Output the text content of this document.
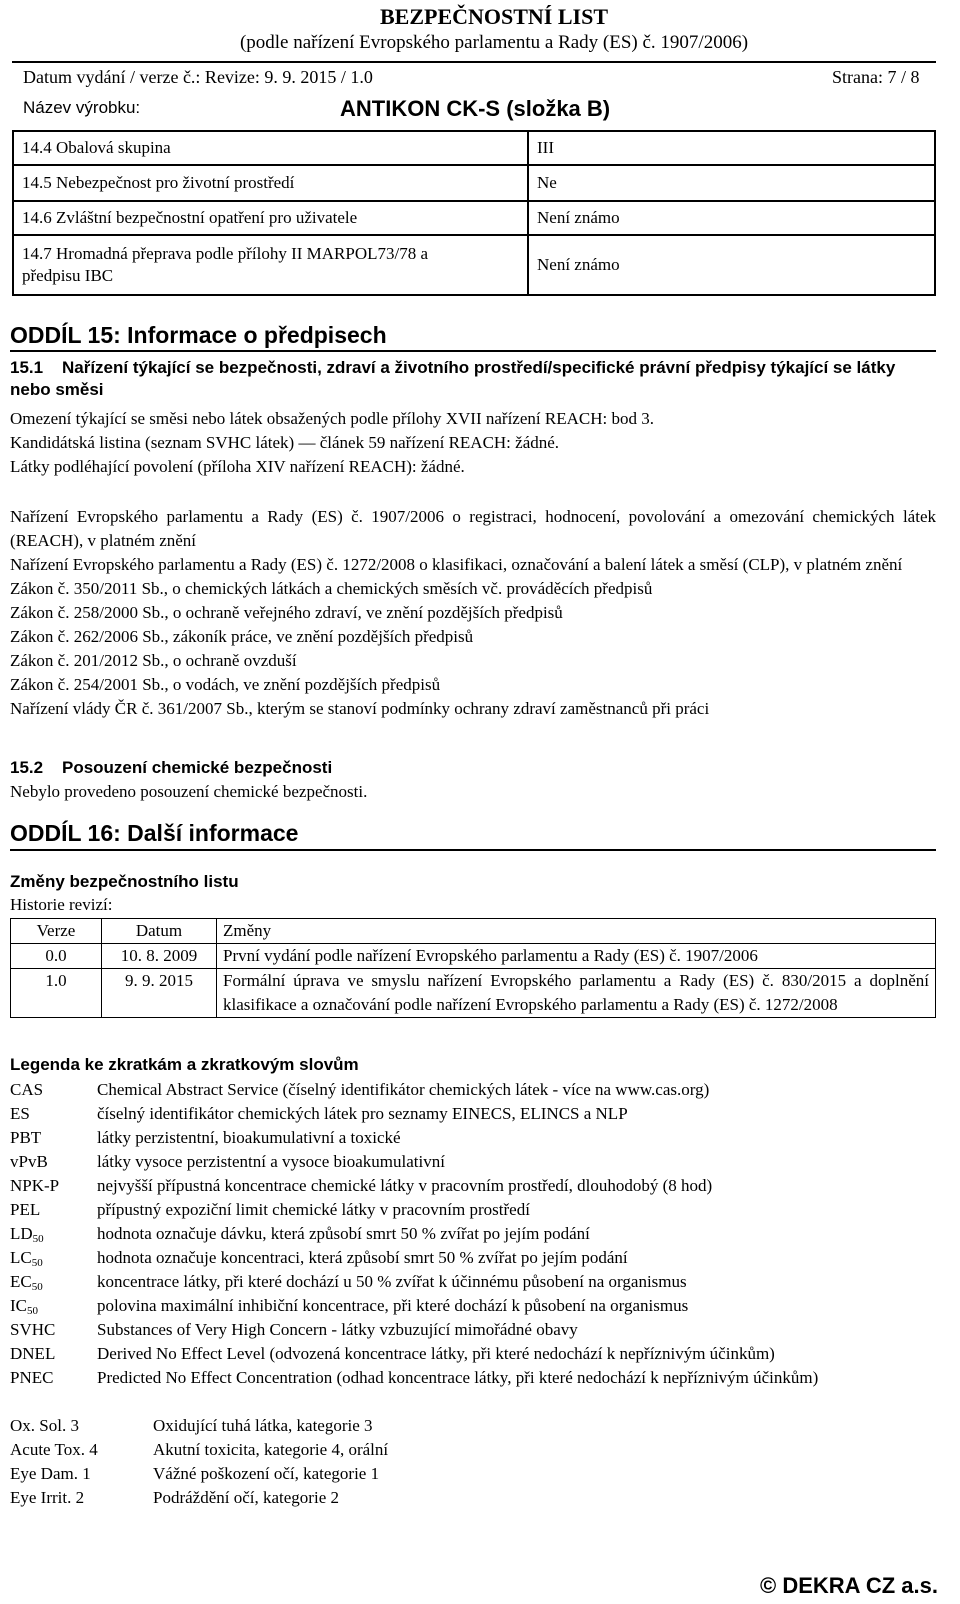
BEZPEČNOSTNÍ LIST
(podle nařízení Evropského parlamentu a Rady (ES) č. 1907/2006)
Datum vydání / verze č.: Revize: 9. 9. 2015 / 1.0	Strana: 7 / 8
Název výrobku:	ANTIKON CK-S (složka B)
14.4 Obalová skupina	III
14.5 Nebezpečnost pro životní prostředí	Ne
14.6 Zvláštní bezpečnostní opatření pro uživatele	Není známo
14.7 Hromadná přeprava podle přílohy II MARPOL73/78 a předpisu IBC	Není známo
ODDÍL 15: Informace o předpisech
15.1    Nařízení týkající se bezpečnosti, zdraví a životního prostředí/specifické právní předpisy týkající se látky nebo směsi
Omezení týkající se směsi nebo látek obsažených podle přílohy XVII nařízení REACH: bod 3.
Kandidátská listina (seznam SVHC látek) ― článek 59 nařízení REACH: žádné.
Látky podléhající povolení (příloha XIV nařízení REACH): žádné.
Nařízení Evropského parlamentu a Rady (ES) č. 1907/2006 o registraci, hodnocení, povolování a omezování chemických látek (REACH), v platném znění
Nařízení Evropského parlamentu a Rady (ES) č. 1272/2008 o klasifikaci, označování a balení látek a směsí (CLP), v platném znění
Zákon č. 350/2011 Sb., o chemických látkách a chemických směsích vč. prováděcích předpisů
Zákon č. 258/2000 Sb., o ochraně veřejného zdraví, ve znění pozdějších předpisů
Zákon č. 262/2006 Sb., zákoník práce, ve znění pozdějších předpisů
Zákon č. 201/2012 Sb., o ochraně ovzduší
Zákon č. 254/2001 Sb., o vodách, ve znění pozdějších předpisů
Nařízení vlády ČR č. 361/2007 Sb., kterým se stanoví podmínky ochrany zdraví zaměstnanců při práci
15.2    Posouzení chemické bezpečnosti
Nebylo provedeno posouzení chemické bezpečnosti.
ODDÍL 16: Další informace
Změny bezpečnostního listu
Historie revizí:
Verze	Datum	Změny
0.0	10. 8. 2009	První vydání podle nařízení Evropského parlamentu a Rady (ES) č. 1907/2006
1.0	9. 9. 2015	Formální úprava ve smyslu nařízení Evropského parlamentu a Rady (ES) č. 830/2015 a doplnění klasifikace a označování podle nařízení Evropského parlamentu a Rady (ES) č. 1272/2008
Legenda ke zkratkám a zkratkovým slovům
CAS	Chemical Abstract Service (číselný identifikátor chemických látek - více na www.cas.org)
ES	číselný identifikátor chemických látek pro seznamy EINECS, ELINCS a NLP
PBT	látky perzistentní, bioakumulativní a toxické
vPvB	látky vysoce perzistentní a vysoce bioakumulativní
NPK-P nejvyšší přípustná koncentrace chemické látky v pracovním prostředí, dlouhodobý (8 hod)
PEL	přípustný expoziční limit chemické látky v pracovním prostředí
$LD_{50}$	hodnota označuje dávku, která způsobí smrt 50 % zvířat po jejím podání
$LC_{50}$	hodnota označuje koncentraci, která způsobí smrt 50 % zvířat po jejím podání
$EC_{50}$	koncentrace látky, při které dochází u 50 % zvířat k účinnému působení na organismus
$IC_{50}$	polovina maximální inhibiční koncentrace, při které dochází k působení na organismus
SVHC Substances of Very High Concern - látky vzbuzující mimořádné obavy
DNEL Derived No Effect Level (odvozená koncentrace látky, při které nedochází k nepříznivým účinkům)
PNEC	Predicted No Effect Concentration (odhad koncentrace látky, při které nedochází k nepříznivým účinkům)
Ox. Sol. 3	Oxidující tuhá látka, kategorie 3
Acute Tox. 4	Akutní toxicita, kategorie 4, orální
Eye Dam. 1	Vážné poškození očí, kategorie 1
Eye Irrit. 2	Podráždění očí, kategorie 2
© DEKRA CZ a.s.
